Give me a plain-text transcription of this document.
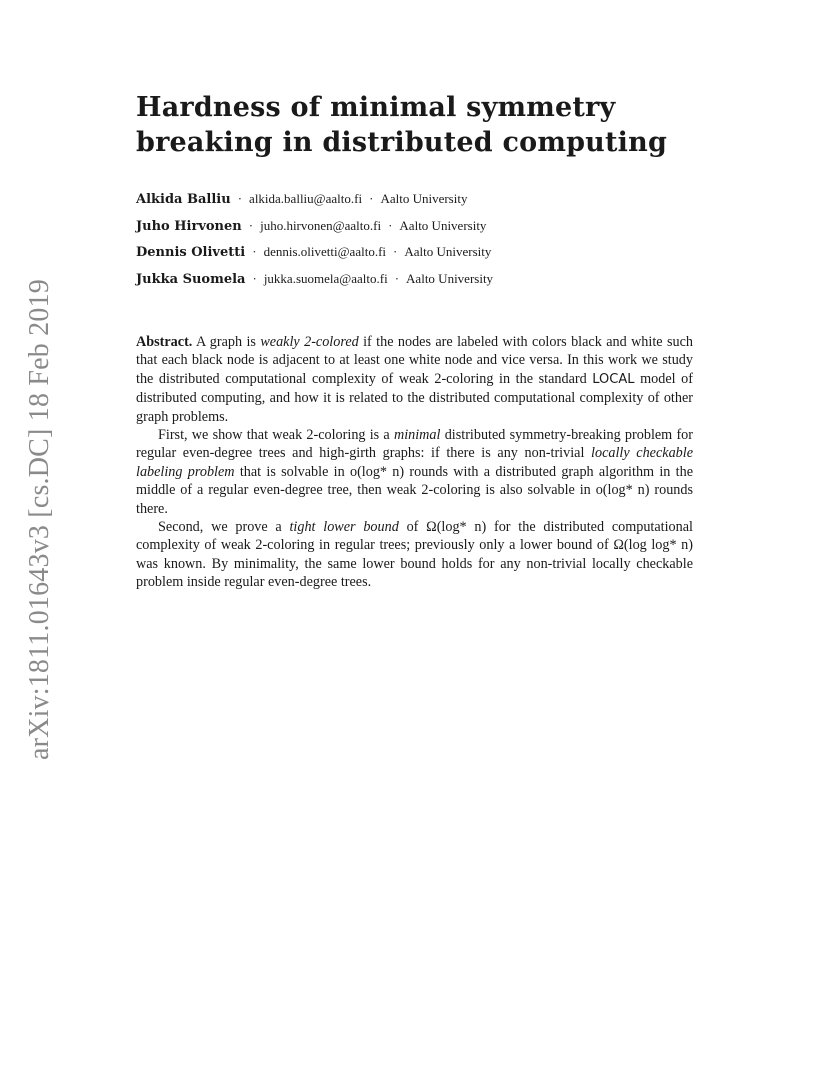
arXiv:1811.01643v3 [cs.DC] 18 Feb 2019
Hardness of minimal symmetry
breaking in distributed computing
Alkida Balliu · alkida.balliu@aalto.fi · Aalto University
Juho Hirvonen · juho.hirvonen@aalto.fi · Aalto University
Dennis Olivetti · dennis.olivetti@aalto.fi · Aalto University
Jukka Suomela · jukka.suomela@aalto.fi · Aalto University

Abstract. A graph is weakly 2-colored if the nodes are labeled with colors black and white such that each black node is adjacent to at least one white node and vice versa. In this work we study the distributed computational complexity of weak 2-coloring in the standard LOCAL model of distributed computing, and how it is related to the distributed computational complexity of other graph problems.

First, we show that weak 2-coloring is a minimal distributed symmetry-breaking problem for regular even-degree trees and high-girth graphs: if there is any non-trivial locally checkable labeling problem that is solvable in o(log* n) rounds with a distributed graph algorithm in the middle of a regular even-degree tree, then weak 2-coloring is also solvable in o(log* n) rounds there.

Second, we prove a tight lower bound of Ω(log* n) for the distributed computational complexity of weak 2-coloring in regular trees; previously only a lower bound of Ω(log log* n) was known. By minimality, the same lower bound holds for any non-trivial locally checkable problem inside regular even-degree trees.
